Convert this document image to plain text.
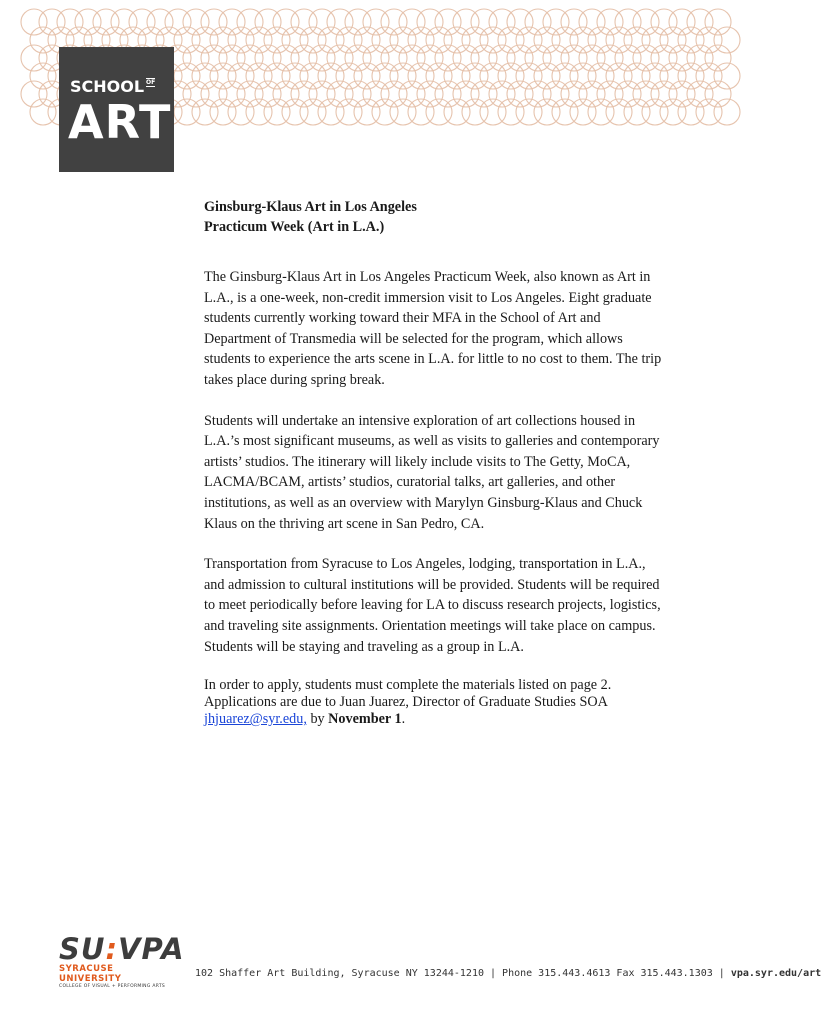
SCHOOL OF
ART
Ginsburg-Klaus Art in Los Angeles
Practicum Week (Art in L.A.)

The Ginsburg-Klaus Art in Los Angeles Practicum Week, also known as Art in L.A., is a one-week, non-credit immersion visit to Los Angeles. Eight graduate students currently working toward their MFA in the School of Art and Department of Transmedia will be selected for the program, which allows students to experience the arts scene in L.A. for little to no cost to them. The trip takes place during spring break.

Students will undertake an intensive exploration of art collections housed in L.A.’s most significant museums, as well as visits to galleries and contemporary artists’ studios. The itinerary will likely include visits to The Getty, MoCA, LACMA/BCAM, artists’ studios, curatorial talks, art galleries, and other institutions, as well as an overview with Marylyn Ginsburg-Klaus and Chuck Klaus on the thriving art scene in San Pedro, CA.

Transportation from Syracuse to Los Angeles, lodging, transportation in L.A., and admission to cultural institutions will be provided. Students will be required to meet periodically before leaving for LA to discuss research projects, logistics, and traveling site assignments. Orientation meetings will take place on campus. Students will be staying and traveling as a group in L.A.

In order to apply, students must complete the materials listed on page 2.
Applications are due to Juan Juarez, Director of Graduate Studies SOA
jhjuarez@syr.edu, by November 1.

SU:VPA
SYRACUSE UNIVERSITY
COLLEGE OF VISUAL + PERFORMING ARTS
102 Shaffer Art Building, Syracuse NY 13244-1210 | Phone 315.443.4613 Fax 315.443.1303 | vpa.syr.edu/art
